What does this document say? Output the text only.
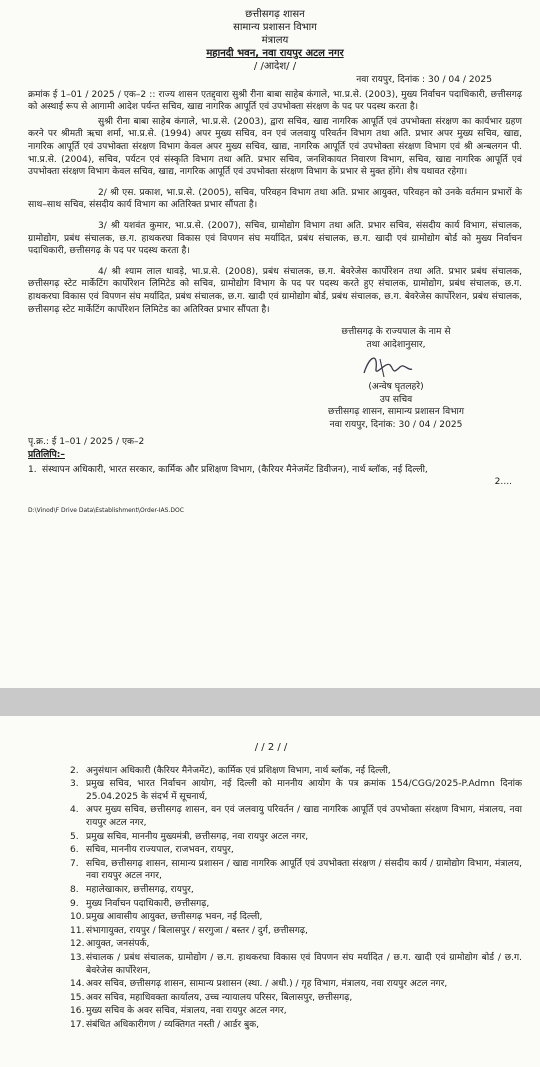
छत्तीसगढ़ शासन
सामान्य प्रशासन विभाग
मंत्रालय
महानदी भवन, नवा रायपुर अटल नगर
/ /आदेश/ /
नवा रायपुर, दिनांक : 30 / 04 / 2025

क्रमांक ई 1–01 / 2025 / एक–2 :: राज्य शासन एतद्द्वारा सुश्री रीना बाबा साहेब कंगाले, भा.प्र.से. (2003), मुख्य निर्वाचन पदाधिकारी, छत्तीसगढ़ को अस्थाई रूप से आगामी आदेश पर्यन्त सचिव, खाद्य नागरिक आपूर्ति एवं उपभोक्ता संरक्षण के पद पर पदस्थ करता है।

सुश्री रीना बाबा साहेब कंगाले, भा.प्र.से. (2003), द्वारा सचिव, खाद्य नागरिक आपूर्ति एवं उपभोक्ता संरक्षण का कार्यभार ग्रहण करने पर श्रीमती ऋचा शर्मा, भा.प्र.से. (1994) अपर मुख्य सचिव, वन एवं जलवायु परिवर्तन विभाग तथा अति. प्रभार अपर मुख्य सचिव, खाद्य, नागरिक आपूर्ति एवं उपभोक्ता संरक्षण विभाग केवल अपर मुख्य सचिव, खाद्य, नागरिक आपूर्ति एवं उपभोक्ता संरक्षण विभाग एवं श्री अन्बलगन पी. भा.प्र.से. (2004), सचिव, पर्यटन एवं संस्कृति विभाग तथा अति. प्रभार सचिव, जनशिकायत निवारण विभाग, सचिव, खाद्य नागरिक आपूर्ति एवं उपभोक्ता संरक्षण विभाग केवल सचिव, खाद्य, नागरिक आपूर्ति एवं उपभोक्ता संरक्षण विभाग के प्रभार से मुक्त होंगे। शेष यथावत रहेगा।

2/ श्री एस. प्रकाश, भा.प्र.से. (2005), सचिव, परिवहन विभाग तथा अति. प्रभार आयुक्त, परिवहन को उनके वर्तमान प्रभारों के साथ–साथ सचिव, संसदीय कार्य विभाग का अतिरिक्त प्रभार सौंपता है।

3/ श्री यशवंत कुमार, भा.प्र.से. (2007), सचिव, ग्रामोद्योग विभाग तथा अति. प्रभार सचिव, संसदीय कार्य विभाग, संचालक, ग्रामोद्योग, प्रबंध संचालक, छ.ग. हाथकरघा विकास एवं विपणन संघ मर्यादित, प्रबंध संचालक, छ.ग. खादी एवं ग्रामोद्योग बोर्ड को मुख्य निर्वाचन पदाधिकारी, छत्तीसगढ़ के पद पर पदस्थ करता है।

4/ श्री श्याम लाल धावड़े, भा.प्र.से. (2008), प्रबंध संचालक, छ.ग. बेवरेजेस कार्पोरेशन तथा अति. प्रभार प्रबंध संचालक, छत्तीसगढ़ स्टेट मार्केटिंग कार्पोरेशन लिमिटेड को सचिव, ग्रामोद्योग विभाग के पद पर पदस्थ करते हुए संचालक, ग्रामोद्योग, प्रबंध संचालक, छ.ग. हाथकरघा विकास एवं विपणन संघ मर्यादित, प्रबंध संचालक, छ.ग. खादी एवं ग्रामोद्योग बोर्ड, प्रबंध संचालक, छ.ग. बेवरेजेस कार्पोरेशन, प्रबंध संचालक, छत्तीसगढ़ स्टेट मार्केटिंग कार्पोरेशन लिमिटेड का अतिरिक्त प्रभार सौंपता है।

छत्तीसगढ़ के राज्यपाल के नाम से
तथा आदेशानुसार,
(अन्वेष घृतलहरे)
उप सचिव
छत्तीसगढ़ शासन, सामान्य प्रशासन विभाग
नवा रायपुर, दिनांक: 30 / 04 / 2025
पृ.क्र.: ई 1–01 / 2025 / एक–2
प्रतिलिपि:–
1. संस्थापन अधिकारी, भारत सरकार, कार्मिक और प्रशिक्षण विभाग, (कैरियर मैनेजमेंट डिवीजन), नार्थ ब्लॉक, नई दिल्ली,
2....
D:\Vinod\F Drive Data\Establishment\Order-IAS.DOC
/ / 2 / /
2. अनुसंधान अधिकारी (कैरियर मैनेजमेंट), कार्मिक एवं प्रशिक्षण विभाग, नार्थ ब्लॉक, नई दिल्ली,
3. प्रमुख सचिव, भारत निर्वाचन आयोग, नई दिल्ली को माननीय आयोग के पत्र क्रमांक 154/CGG/2025-P.Admn दिनांक 25.04.2025 के संदर्भ में सूचनार्थ,
4. अपर मुख्य सचिव, छत्तीसगढ़ शासन, वन एवं जलवायु परिवर्तन / खाद्य नागरिक आपूर्ति एवं उपभोक्ता संरक्षण विभाग, मंत्रालय, नवा रायपुर अटल नगर,
5. प्रमुख सचिव, माननीय मुख्यमंत्री, छत्तीसगढ़, नवा रायपुर अटल नगर,
6. सचिव, माननीय राज्यपाल, राजभवन, रायपुर,
7. सचिव, छत्तीसगढ़ शासन, सामान्य प्रशासन / खाद्य नागरिक आपूर्ति एवं उपभोक्ता संरक्षण / संसदीय कार्य / ग्रामोद्योग विभाग, मंत्रालय, नवा रायपुर अटल नगर,
8. महालेखाकार, छत्तीसगढ़, रायपुर,
9. मुख्य निर्वाचन पदाधिकारी, छत्तीसगढ़,
10. प्रमुख आवासीय आयुक्त, छत्तीसगढ़ भवन, नई दिल्ली,
11. संभागायुक्त, रायपुर / बिलासपुर / सरगुजा / बस्तर / दुर्ग, छत्तीसगढ़,
12. आयुक्त, जनसंपर्क,
13. संचालक / प्रबंध संचालक, ग्रामोद्योग / छ.ग. हाथकरघा विकास एवं विपणन संघ मर्यादित / छ.ग. खादी एवं ग्रामोद्योग बोर्ड / छ.ग. बेवरेजेस कार्पोरेशन,
14. अवर सचिव, छत्तीसगढ़ शासन, सामान्य प्रशासन (स्था. / अधी.) / गृह विभाग, मंत्रालय, नवा रायपुर अटल नगर,
15. अवर सचिव, महाधिवक्ता कार्यालय, उच्च न्यायालय परिसर, बिलासपुर, छत्तीसगढ़,
16. मुख्य सचिव के अवर सचिव, मंत्रालय, नवा रायपुर अटल नगर,
17. संबंधित अधिकारीगण / व्यक्तिगत नस्ती / आर्डर बुक,
